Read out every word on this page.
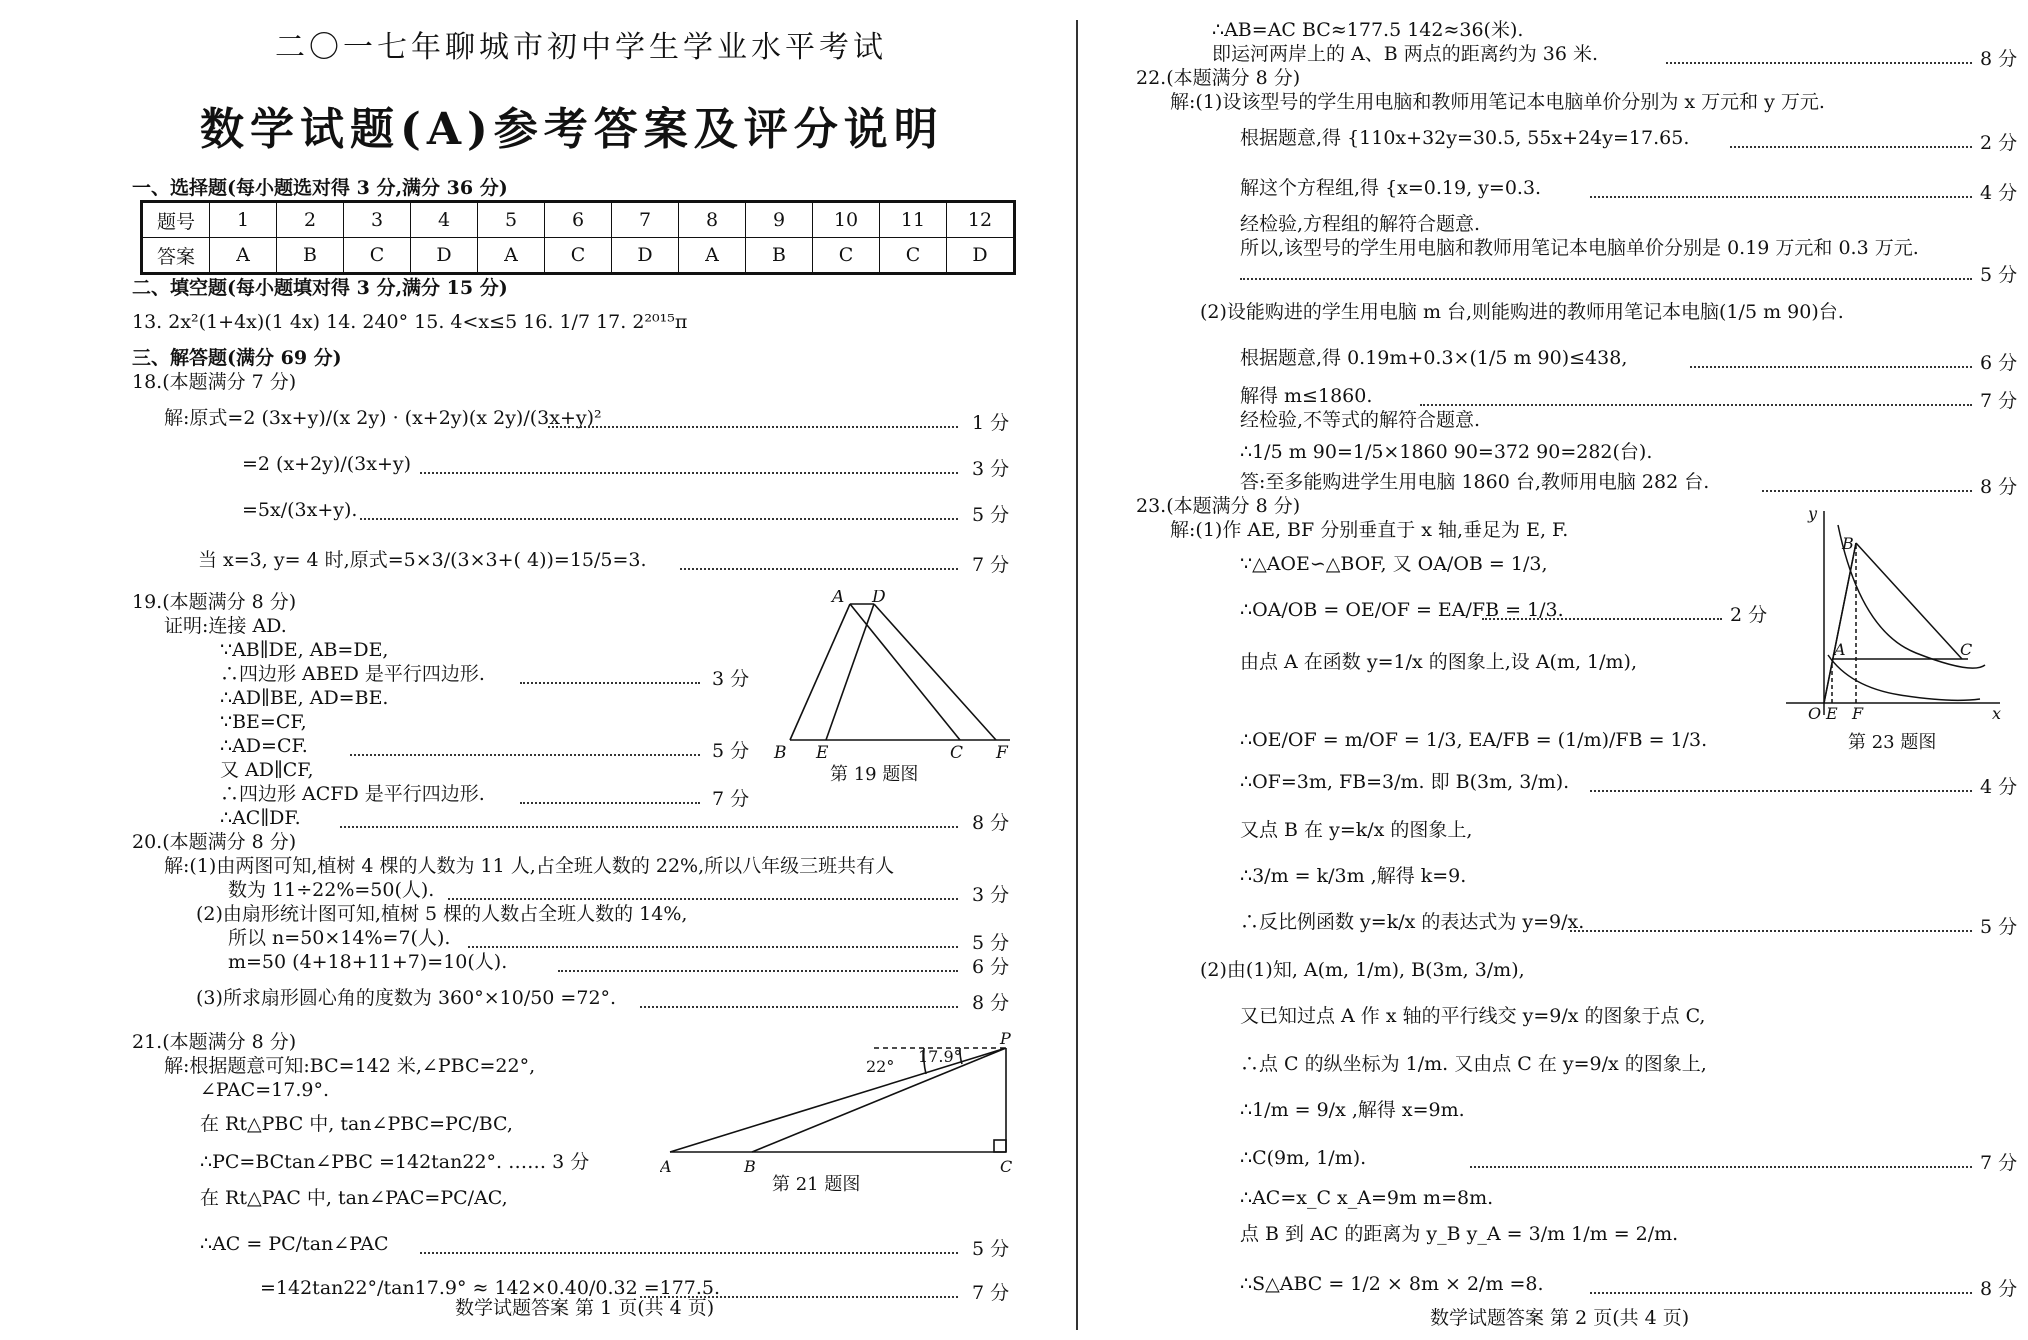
二〇一七年聊城市初中学生学业水平考试
数学试题(A)参考答案及评分说明
一、选择题(每小题选对得 3 分,满分 36 分)
题号	1	2	3	4	5	6	7	8	9	10	11	12
答案	A	B	C	D	A	C	D	A	B	C	C	D
二、填空题(每小题填对得 3 分,满分 15 分)
13. 2x²(1+4x)(1 4x) 14. 240° 15. 4<x≤5 16. 1/7 17. 2²⁰¹⁵π
三、解答题(满分 69 分)
18.(本题满分 7 分)
解:原式=2 (3x+y)/(x 2y) · (x+2y)(x 2y)/(3x+y)²	1 分
=2 (x+2y)/(3x+y)	3 分
=5x/(3x+y).	5 分
当 x=3, y= 4 时,原式=5×3/(3×3+( 4))=15/5=3.	7 分
19.(本题满分 8 分)
证明:连接 AD.
∵AB∥DE, AB=DE,
∴四边形 ABED 是平行四边形.	3 分
∴AD∥BE, AD=BE.
∵BE=CF,
∴AD=CF.	5 分
又 AD∥CF,
∴四边形 ACFD 是平行四边形.	7 分
∴AC∥DF.	8 分
A D
B E	C F
第 19 题图
20.(本题满分 8 分)
解:(1)由两图可知,植树 4 棵的人数为 11 人,占全班人数的 22%,所以八年级三班共有人
数为 11÷22%=50(人).	3 分
(2)由扇形统计图可知,植树 5 棵的人数占全班人数的 14%,
所以 n=50×14%=7(人).	5 分
m=50 (4+18+11+7)=10(人).	6 分
(3)所求扇形圆心角的度数为 360°×10/50 =72°.	8 分
21.(本题满分 8 分)
解:根据题意可知:BC=142 米,∠PBC=22°,
∠PAC=17.9°.
在 Rt△PBC 中, tan∠PBC=PC/BC,
∴PC=BCtan∠PBC =142tan22°. …… 3 分
在 Rt△PAC 中, tan∠PAC=PC/AC,
∴AC = PC/tan∠PAC	5 分
=142tan22°/tan17.9° ≈ 142×0.40/0.32 =177.5.	7 分
P
A	B	C
22°
17.9°
第 21 题图
数学试题答案 第 1 页(共 4 页)
∴AB=AC BC≈177.5 142≈36(米).
即运河两岸上的 A、B 两点的距离约为 36 米.	8 分
22.(本题满分 8 分)
解:(1)设该型号的学生用电脑和教师用笔记本电脑单价分别为 x 万元和 y 万元.
根据题意,得 {110x+32y=30.5, 55x+24y=17.65.	2 分
解这个方程组,得 {x=0.19, y=0.3.	4 分
经检验,方程组的解符合题意.
所以,该型号的学生用电脑和教师用笔记本电脑单价分别是 0.19 万元和 0.3 万元.
5 分
(2)设能购进的学生用电脑 m 台,则能购进的教师用笔记本电脑(1/5 m 90)台.
根据题意,得 0.19m+0.3×(1/5 m 90)≤438,	6 分
解得 m≤1860.	7 分
经检验,不等式的解符合题意.
∴1/5 m 90=1/5×1860 90=372 90=282(台).
答:至多能购进学生用电脑 1860 台,教师用电脑 282 台.	8 分
23.(本题满分 8 分)
解:(1)作 AE, BF 分别垂直于 x 轴,垂足为 E, F.
∵△AOE∽△BOF, 又 OA/OB = 1/3,
∴OA/OB = OE/OF = EA/FB = 1/3.	2 分
由点 A 在函数 y=1/x 的图象上,设 A(m, 1/m),
∴OE/OF = m/OF = 1/3, EA/FB = (1/m)/FB = 1/3.
∴OF=3m, FB=3/m. 即 B(3m, 3/m).	4 分
又点 B 在 y=k/x 的图象上,
∴3/m = k/3m ,解得 k=9.
∴反比例函数 y=k/x 的表达式为 y=9/x.	5 分
(2)由(1)知, A(m, 1/m), B(3m, 3/m),
又已知过点 A 作 x 轴的平行线交 y=9/x 的图象于点 C,
∴点 C 的纵坐标为 1/m. 又由点 C 在 y=9/x 的图象上,
∴1/m = 9/x ,解得 x=9m.
∴C(9m, 1/m).	7 分
∴AC=x_C x_A=9m m=8m.
点 B 到 AC 的距离为 y_B y_A = 3/m 1/m = 2/m.
∴S△ABC = 1/2 × 8m × 2/m =8.	8 分
y
x
O E F
A
B
C
第 23 题图
数学试题答案 第 2 页(共 4 页)
